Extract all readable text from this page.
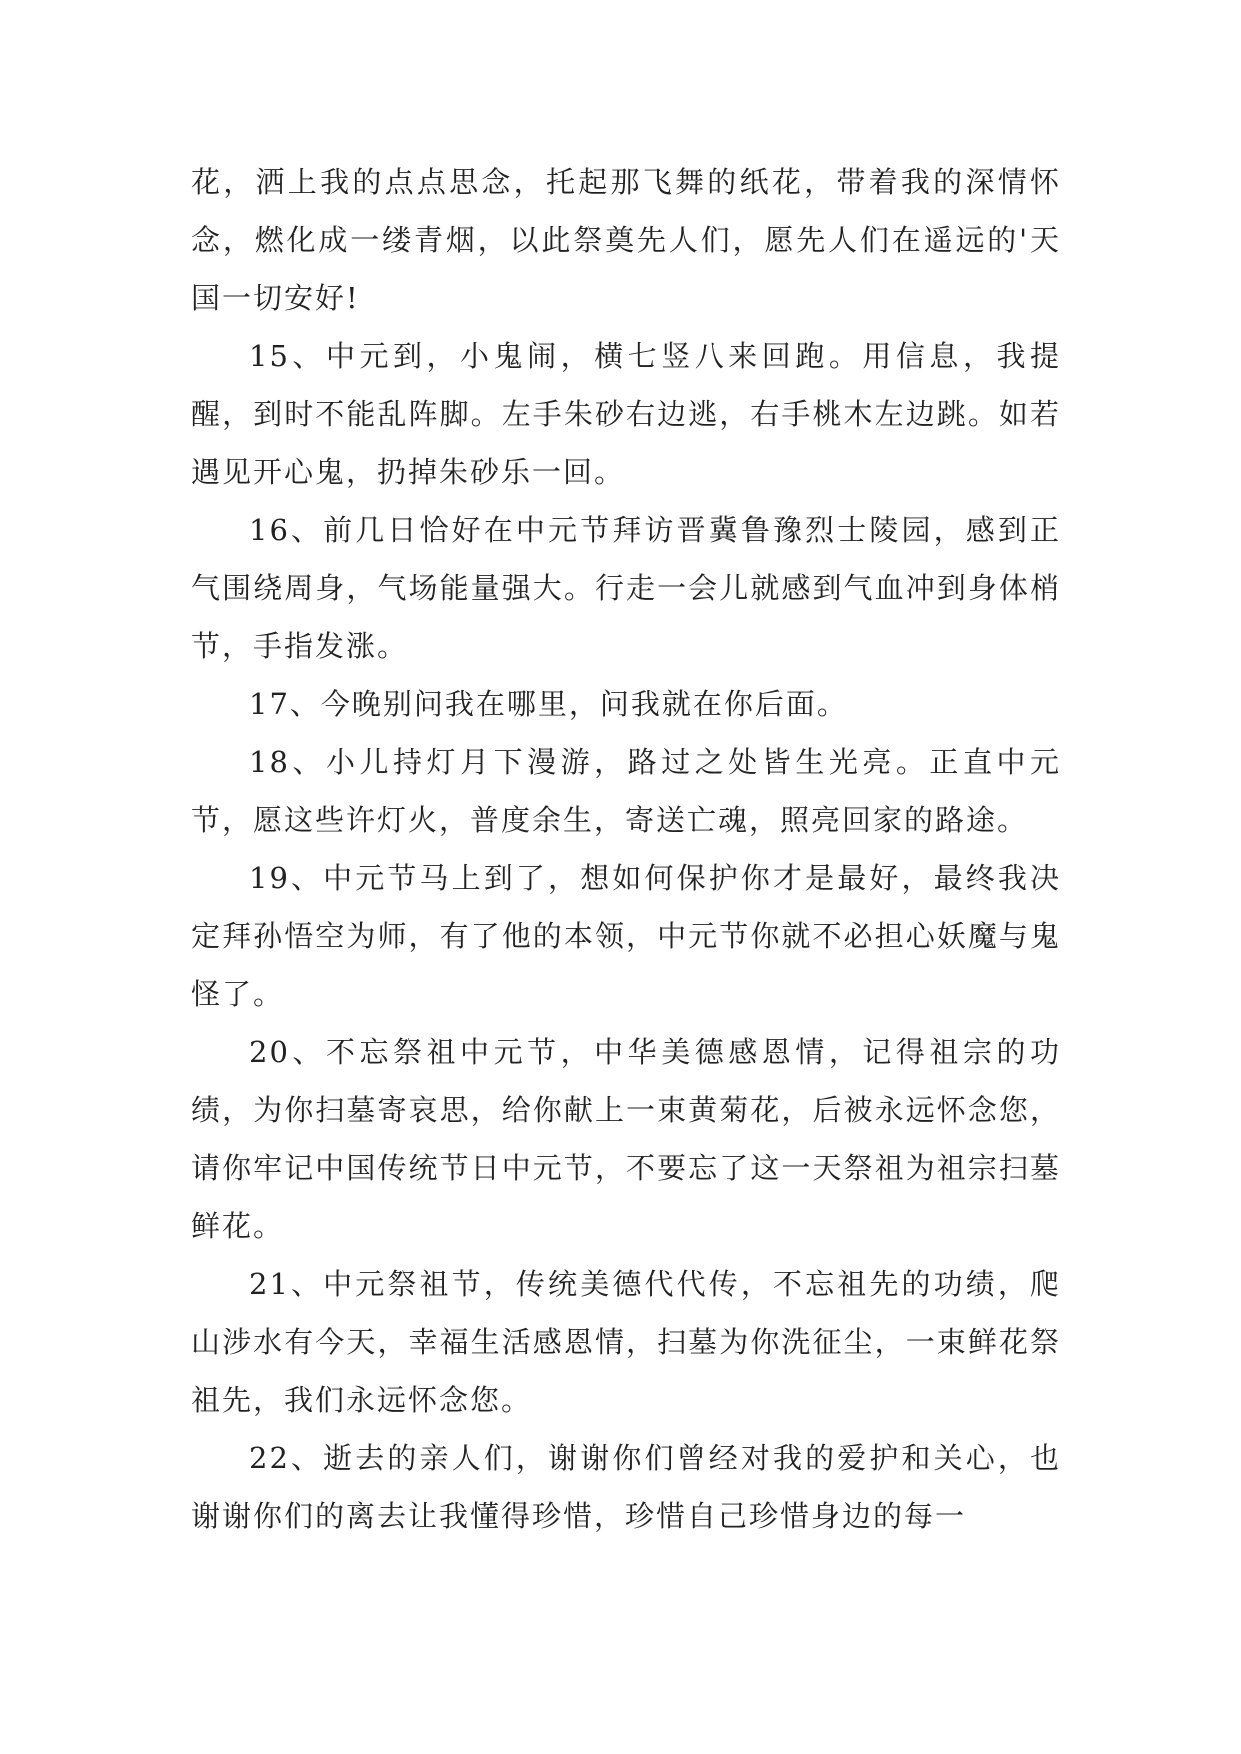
花，洒上我的点点思念，托起那飞舞的纸花，带着我的深情怀念，燃化成一缕青烟，以此祭奠先人们，愿先人们在遥远的'天国一切安好!

15、中元到，小鬼闹，横七竖八来回跑。用信息，我提醒，到时不能乱阵脚。左手朱砂右边逃，右手桃木左边跳。如若遇见开心鬼，扔掉朱砂乐一回。

16、前几日恰好在中元节拜访晋冀鲁豫烈士陵园，感到正气围绕周身，气场能量强大。行走一会儿就感到气血冲到身体梢节，手指发涨。

17、今晚别问我在哪里，问我就在你后面。

18、小儿持灯月下漫游，路过之处皆生光亮。正直中元节，愿这些许灯火，普度余生，寄送亡魂，照亮回家的路途。

19、中元节马上到了，想如何保护你才是最好，最终我决定拜孙悟空为师，有了他的本领，中元节你就不必担心妖魔与鬼怪了。

20、不忘祭祖中元节，中华美德感恩情，记得祖宗的功绩，为你扫墓寄哀思，给你献上一束黄菊花，后被永远怀念您，请你牢记中国传统节日中元节，不要忘了这一天祭祖为祖宗扫墓鲜花。

21、中元祭祖节，传统美德代代传，不忘祖先的功绩，爬山涉水有今天，幸福生活感恩情，扫墓为你洗征尘，一束鲜花祭祖先，我们永远怀念您。

22、逝去的亲人们，谢谢你们曾经对我的爱护和关心，也谢谢你们的离去让我懂得珍惜，珍惜自己珍惜身边的每一
